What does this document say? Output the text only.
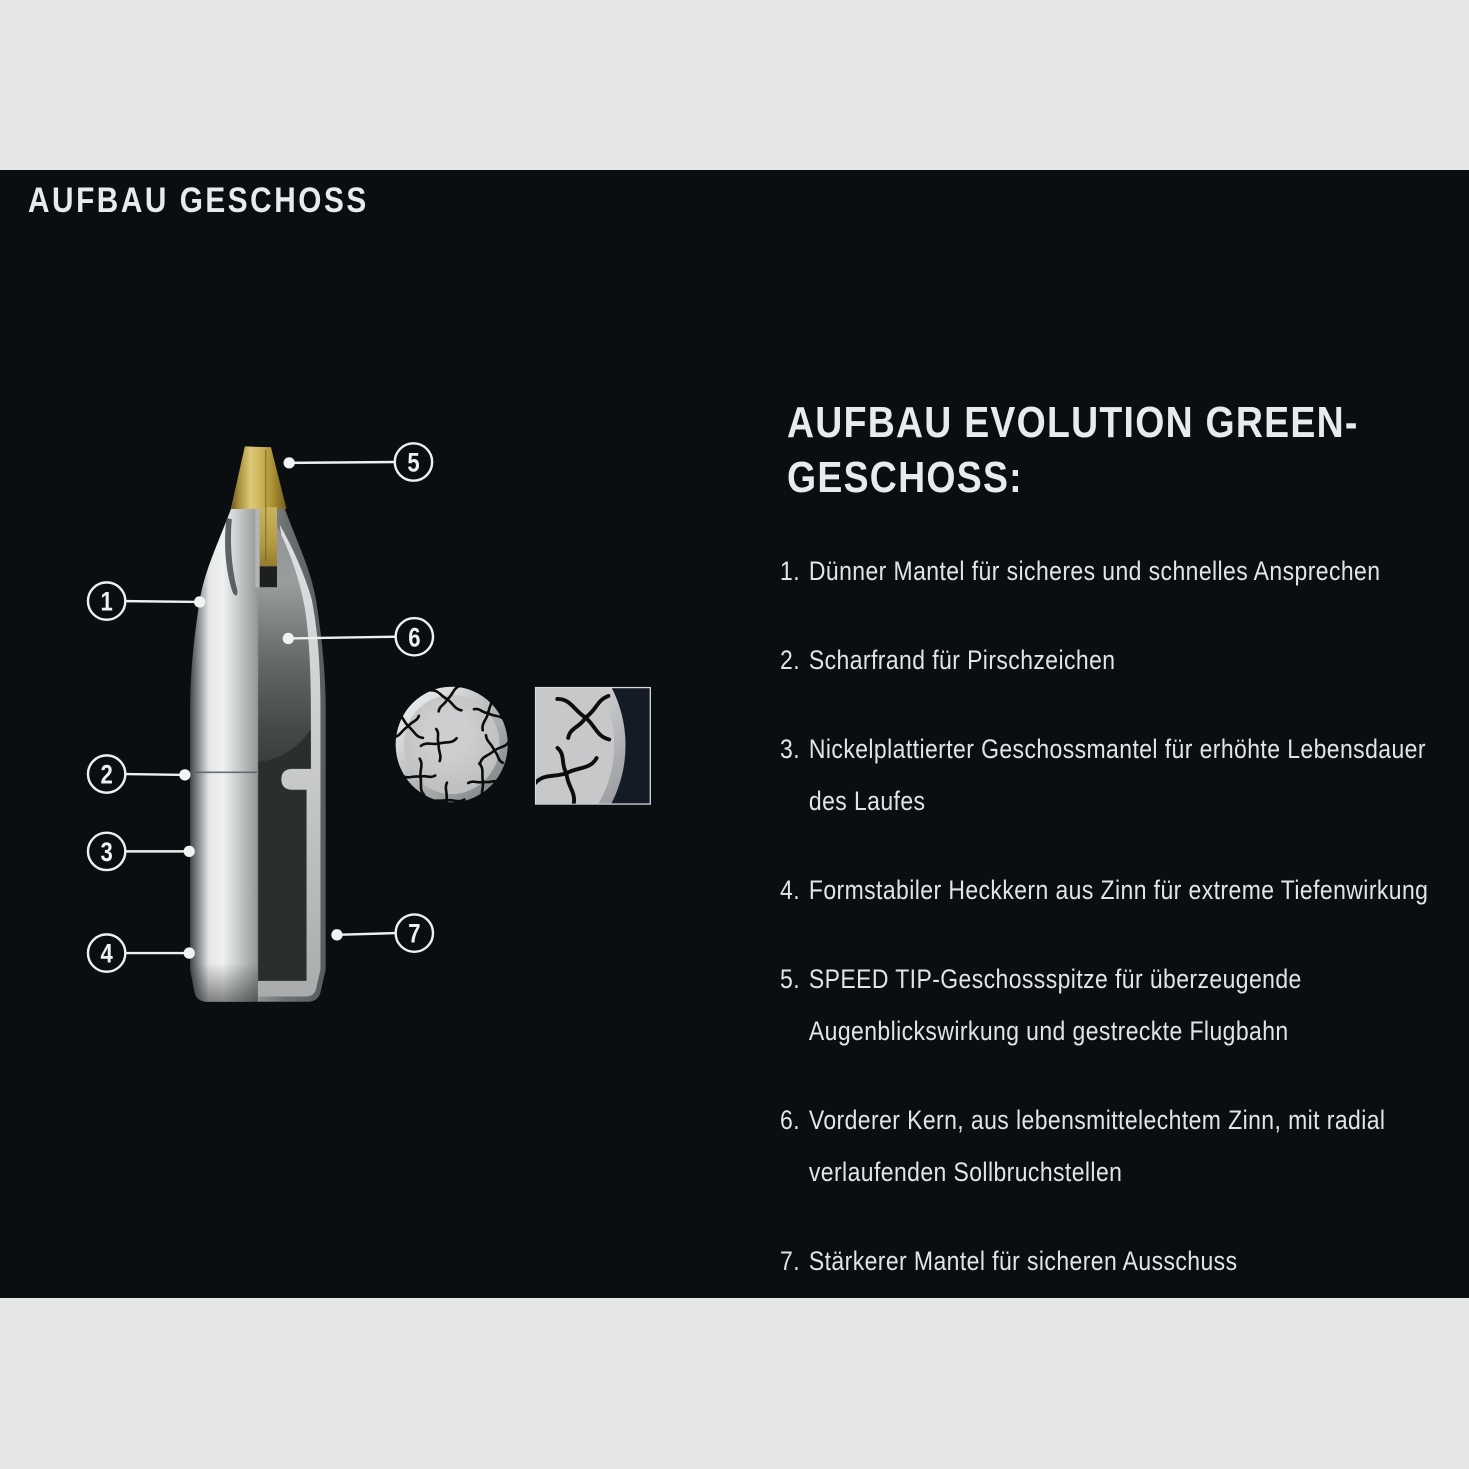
AUFBAU GESCHOSS
AUFBAU EVOLUTION GREEN-
GESCHOSS:
1. Dünner Mantel für sicheres und schnelles Ansprechen
2. Scharfrand für Pirschzeichen
3. Nickelplattierter Geschossmantel für erhöhte Lebensdauer
des Laufes
4. Formstabiler Heckkern aus Zinn für extreme Tiefenwirkung
5. SPEED TIP-Geschossspitze für überzeugende
Augenblickswirkung und gestreckte Flugbahn
6. Vorderer Kern, aus lebensmittelechtem Zinn, mit radial
verlaufenden Sollbruchstellen
7. Stärkerer Mantel für sicheren Ausschuss
1
2
3
4
5
6
7
